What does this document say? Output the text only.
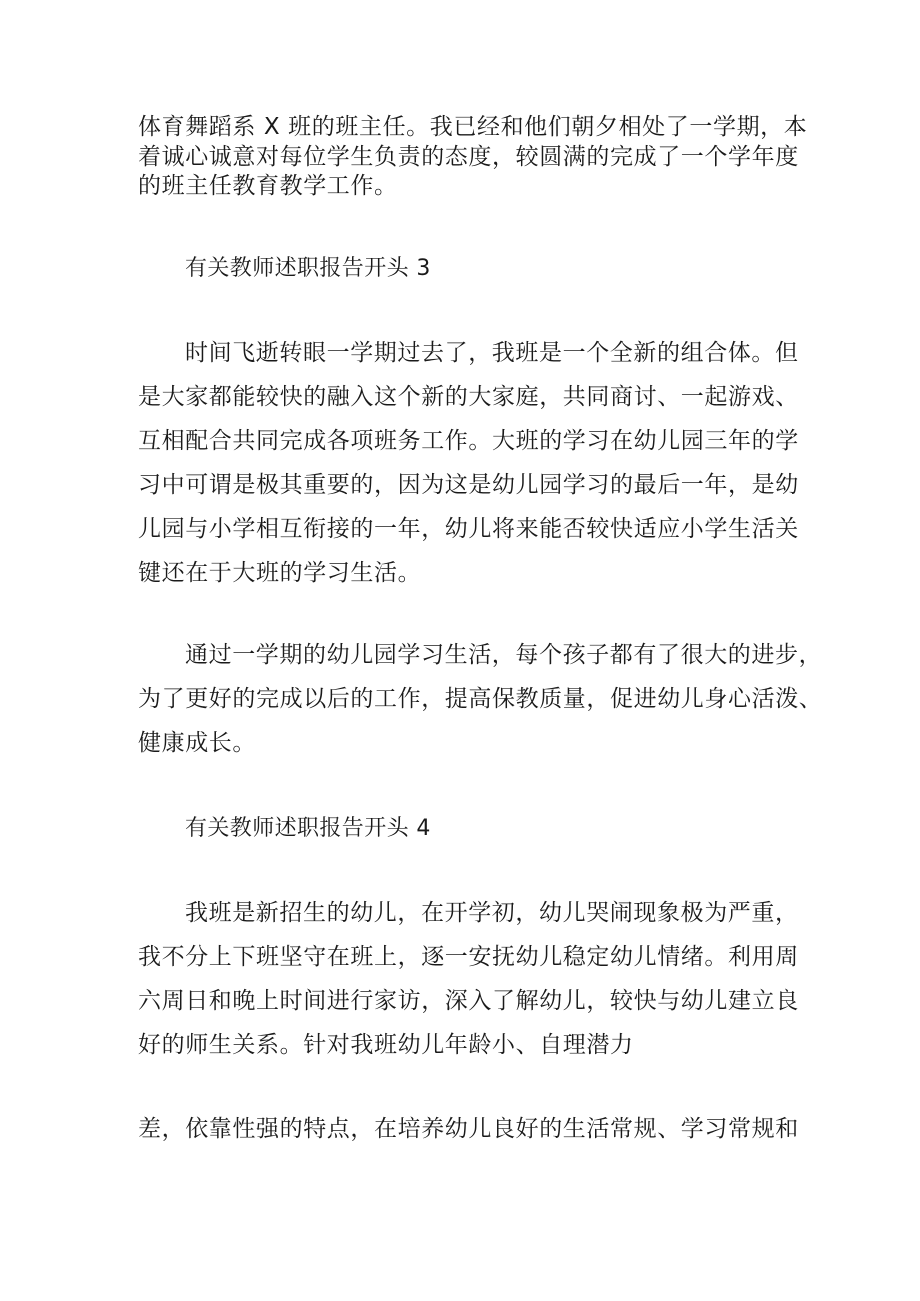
体育舞蹈系 X 班的班主任。我已经和他们朝夕相处了一学期，本
着诚心诚意对每位学生负责的态度，较圆满的完成了一个学年度
的班主任教育教学工作。
有关教师述职报告开头 3
时间飞逝转眼一学期过去了，我班是一个全新的组合体。但
是大家都能较快的融入这个新的大家庭，共同商讨、一起游戏、
互相配合共同完成各项班务工作。大班的学习在幼儿园三年的学
习中可谓是极其重要的，因为这是幼儿园学习的最后一年，是幼
儿园与小学相互衔接的一年，幼儿将来能否较快适应小学生活关
键还在于大班的学习生活。
通过一学期的幼儿园学习生活，每个孩子都有了很大的进步，
为了更好的完成以后的工作，提高保教质量，促进幼儿身心活泼、
健康成长。
有关教师述职报告开头 4
我班是新招生的幼儿，在开学初，幼儿哭闹现象极为严重，
我不分上下班坚守在班上，逐一安抚幼儿稳定幼儿情绪。利用周
六周日和晚上时间进行家访，深入了解幼儿，较快与幼儿建立良
好的师生关系。针对我班幼儿年龄小、自理潜力
差，依靠性强的特点，在培养幼儿良好的生活常规、学习常规和
